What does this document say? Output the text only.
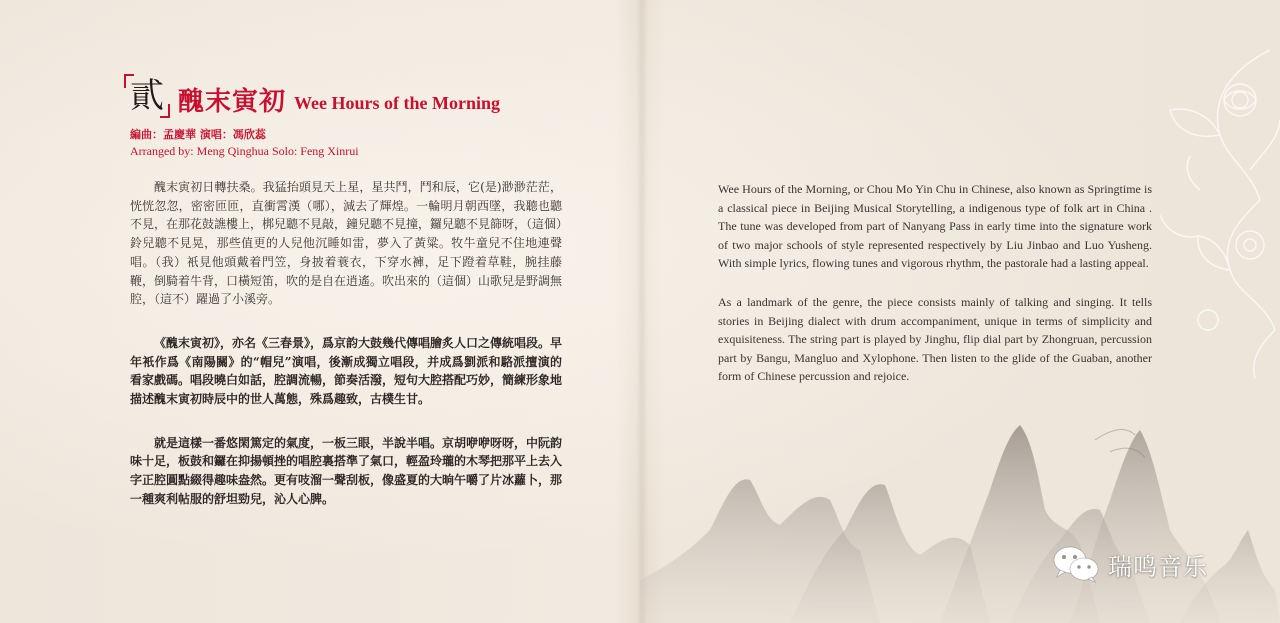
貳 醜末寅初 Wee Hours of the Morning
編曲：孟慶華 演唱：馮欣蕊
Arranged by: Meng Qinghua Solo: Feng Xinrui

醜末寅初日轉扶桑。我猛抬頭見天上星，星共鬥，鬥和辰，它(是)渺渺茫茫，恍恍忽忽，密密匝匝，直衝霄漢（哪），減去了輝煌。一輪明月朝西墜，我聽也聽不見，在那花鼓譙樓上，梆兒聽不見敲，鐘兒聽不見撞，鑼兒聽不見篩呀，（這個）鈴兒聽不見晃，那些值更的人兒他沉睡如雷，夢入了黃粱。牧牛童兒不住地連聲唱。（我）衹見他頭戴着門笠，身披着蓑衣，下穿水褲，足下蹬着草鞋，腕挂藤鞭，倒騎着牛背，口橫短笛，吹的是自在逍遙。吹出來的（這個）山歌兒是野調無腔，（這不）躍過了小溪旁。

《醜末寅初》，亦名《三春景》，爲京韵大鼓幾代傳唱膾炙人口之傳統唱段。早年衹作爲《南陽關》的“帽兒”演唱，後漸成獨立唱段，并成爲劉派和駱派擅演的看家戲碼。唱段曉白如話，腔調流暢，節奏活潑，短句大腔搭配巧妙，簡練形象地描述醜末寅初時辰中的世人萬態，殊爲趣致，古樸生甘。

就是這樣一番悠閑篤定的氣度，一板三眼，半說半唱。京胡咿咿呀呀，中阮韵味十足，板鼓和鑼在抑揚頓挫的唱腔裏搭準了氣口，輕盈玲瓏的木琴把那平上去入字正腔圓點綴得趣味盎然。更有吱溜一聲刮板，像盛夏的大晌午嚼了片冰蘿卜，那一種爽利帖服的舒坦勁兒，沁人心脾。

Wee Hours of the Morning, or Chou Mo Yin Chu in Chinese, also known as Springtime is a classical piece in Beijing Musical Storytelling, a indigenous type of folk art in China . The tune was developed from part of Nanyang Pass in early time into the signature work of two major schools of style represented respectively by Liu Jinbao and Luo Yusheng. With simple lyrics, flowing tunes and vigorous rhythm, the pastorale had a lasting appeal.

As a landmark of the genre, the piece consists mainly of talking and singing. It tells stories in Beijing dialect with drum accompaniment, unique in terms of simplicity and exquisiteness. The string part is played by Jinghu, flip dial part by Zhongruan, percussion part by Bangu, Mangluo and Xylophone. Then listen to the glide of the Guaban, another form of Chinese percussion and rejoice.

瑞鸣音乐
